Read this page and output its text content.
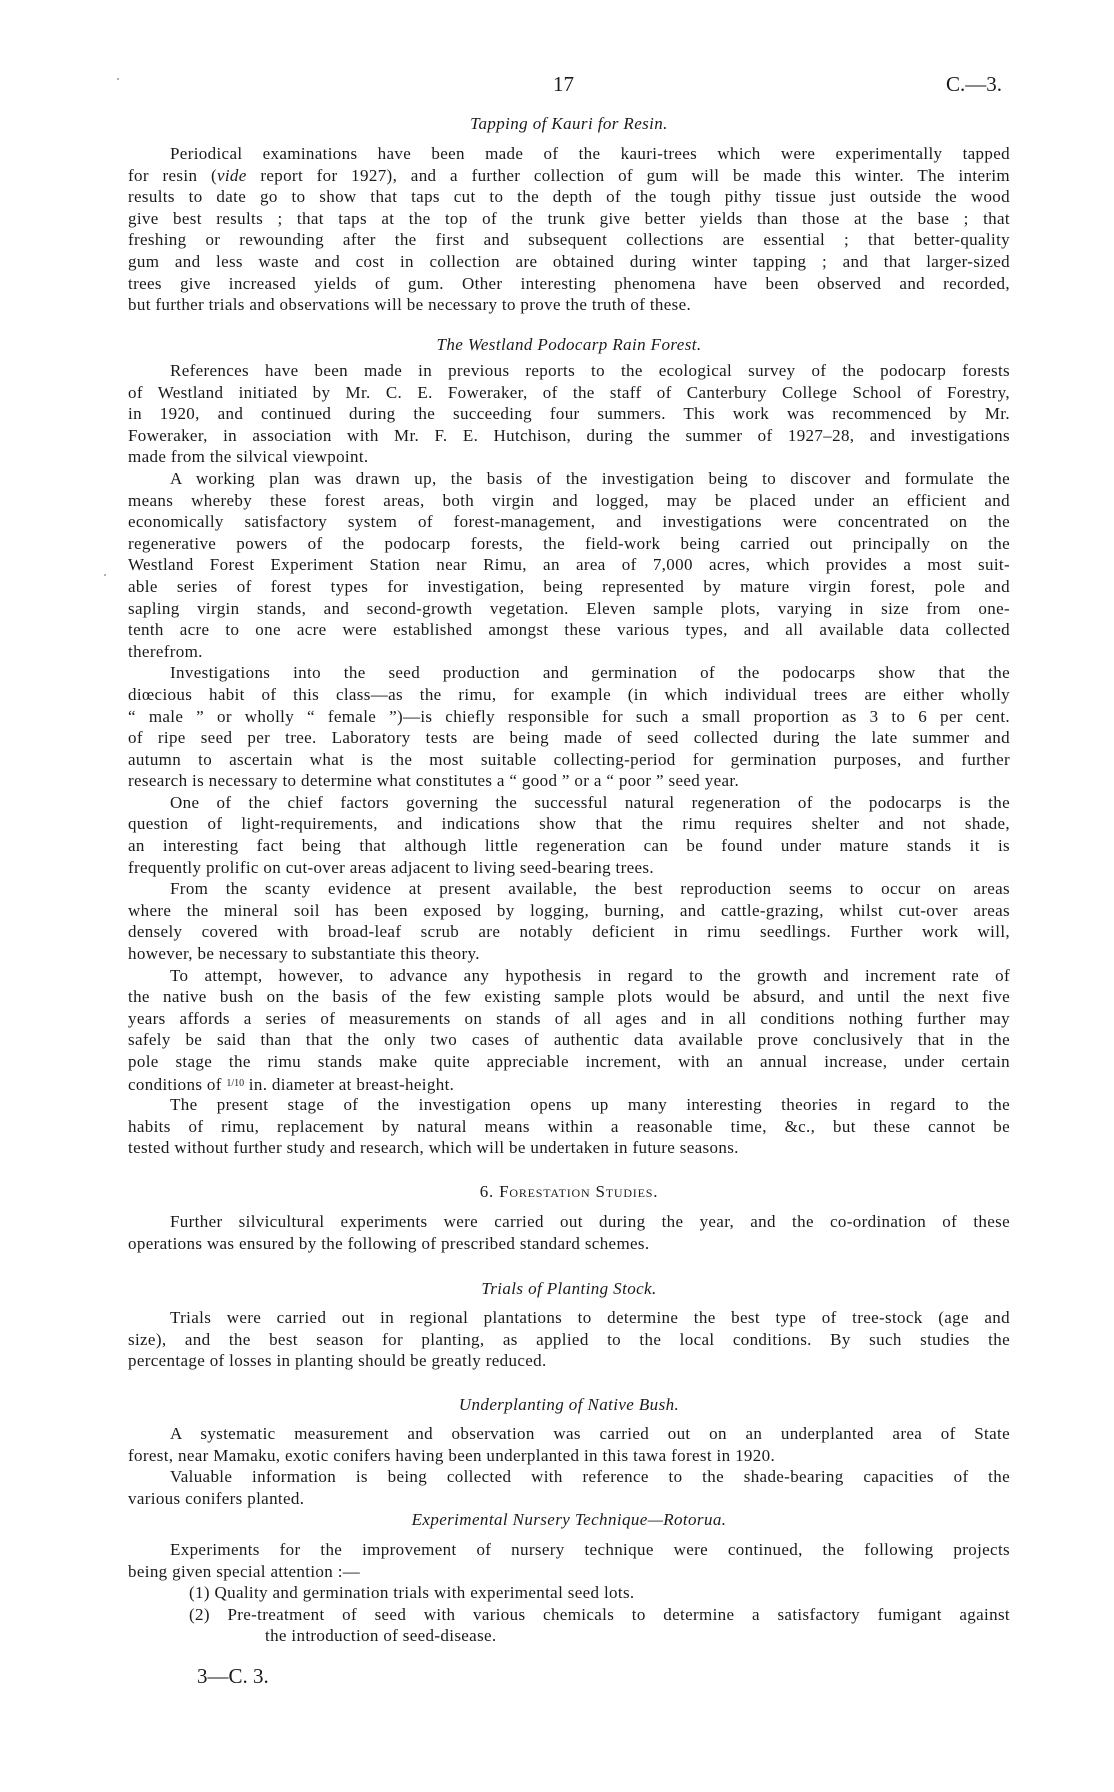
17	C.—3.
Tapping of Kauri for Resin.
Periodical examinations have been made of the kauri-trees which were experimentally tapped
for resin (vide report for 1927), and a further collection of gum will be made this winter. The interim
results to date go to show that taps cut to the depth of the tough pithy tissue just outside the wood
give best results ; that taps at the top of the trunk give better yields than those at the base ; that
freshing or rewounding after the first and subsequent collections are essential ; that better-quality
gum and less waste and cost in collection are obtained during winter tapping ; and that larger-sized
trees give increased yields of gum. Other interesting phenomena have been observed and recorded,
but further trials and observations will be necessary to prove the truth of these.
The Westland Podocarp Rain Forest.
References have been made in previous reports to the ecological survey of the podocarp forests
of Westland initiated by Mr. C. E. Foweraker, of the staff of Canterbury College School of Forestry,
in 1920, and continued during the succeeding four summers. This work was recommenced by Mr.
Foweraker, in association with Mr. F. E. Hutchison, during the summer of 1927–28, and investigations
made from the silvical viewpoint.
A working plan was drawn up, the basis of the investigation being to discover and formulate the
means whereby these forest areas, both virgin and logged, may be placed under an efficient and
economically satisfactory system of forest-management, and investigations were concentrated on the
regenerative powers of the podocarp forests, the field-work being carried out principally on the
Westland Forest Experiment Station near Rimu, an area of 7,000 acres, which provides a most suit-
able series of forest types for investigation, being represented by mature virgin forest, pole and
sapling virgin stands, and second-growth vegetation. Eleven sample plots, varying in size from one-
tenth acre to one acre were established amongst these various types, and all available data collected
therefrom.
Investigations into the seed production and germination of the podocarps show that the
diœcious habit of this class—as the rimu, for example (in which individual trees are either wholly
“ male ” or wholly “ female ”)—is chiefly responsible for such a small proportion as 3 to 6 per cent.
of ripe seed per tree. Laboratory tests are being made of seed collected during the late summer and
autumn to ascertain what is the most suitable collecting-period for germination purposes, and further
research is necessary to determine what constitutes a “ good ” or a “ poor ” seed year.
One of the chief factors governing the successful natural regeneration of the podocarps is the
question of light-requirements, and indications show that the rimu requires shelter and not shade,
an interesting fact being that although little regeneration can be found under mature stands it is
frequently prolific on cut-over areas adjacent to living seed-bearing trees.
From the scanty evidence at present available, the best reproduction seems to occur on areas
where the mineral soil has been exposed by logging, burning, and cattle-grazing, whilst cut-over areas
densely covered with broad-leaf scrub are notably deficient in rimu seedlings. Further work will,
however, be necessary to substantiate this theory.
To attempt, however, to advance any hypothesis in regard to the growth and increment rate of
the native bush on the basis of the few existing sample plots would be absurd, and until the next five
years affords a series of measurements on stands of all ages and in all conditions nothing further may
safely be said than that the only two cases of authentic data available prove conclusively that in the
pole stage the rimu stands make quite appreciable increment, with an annual increase, under certain
conditions of $^{1/10}$ in. diameter at breast-height.
The present stage of the investigation opens up many interesting theories in regard to the
habits of rimu, replacement by natural means within a reasonable time, &c., but these cannot be
tested without further study and research, which will be undertaken in future seasons.
6. Forestation Studies.
Further silvicultural experiments were carried out during the year, and the co-ordination of these
operations was ensured by the following of prescribed standard schemes.
Trials of Planting Stock.
Trials were carried out in regional plantations to determine the best type of tree-stock (age and
size), and the best season for planting, as applied to the local conditions. By such studies the
percentage of losses in planting should be greatly reduced.
Underplanting of Native Bush.
A systematic measurement and observation was carried out on an underplanted area of State
forest, near Mamaku, exotic conifers having been underplanted in this tawa forest in 1920.
Valuable information is being collected with reference to the shade-bearing capacities of the
various conifers planted.
Experimental Nursery Technique—Rotorua.
Experiments for the improvement of nursery technique were continued, the following projects
being given special attention :—
(1) Quality and germination trials with experimental seed lots.
(2) Pre-treatment of seed with various chemicals to determine a satisfactory fumigant against
the introduction of seed-disease.
3—C. 3.
